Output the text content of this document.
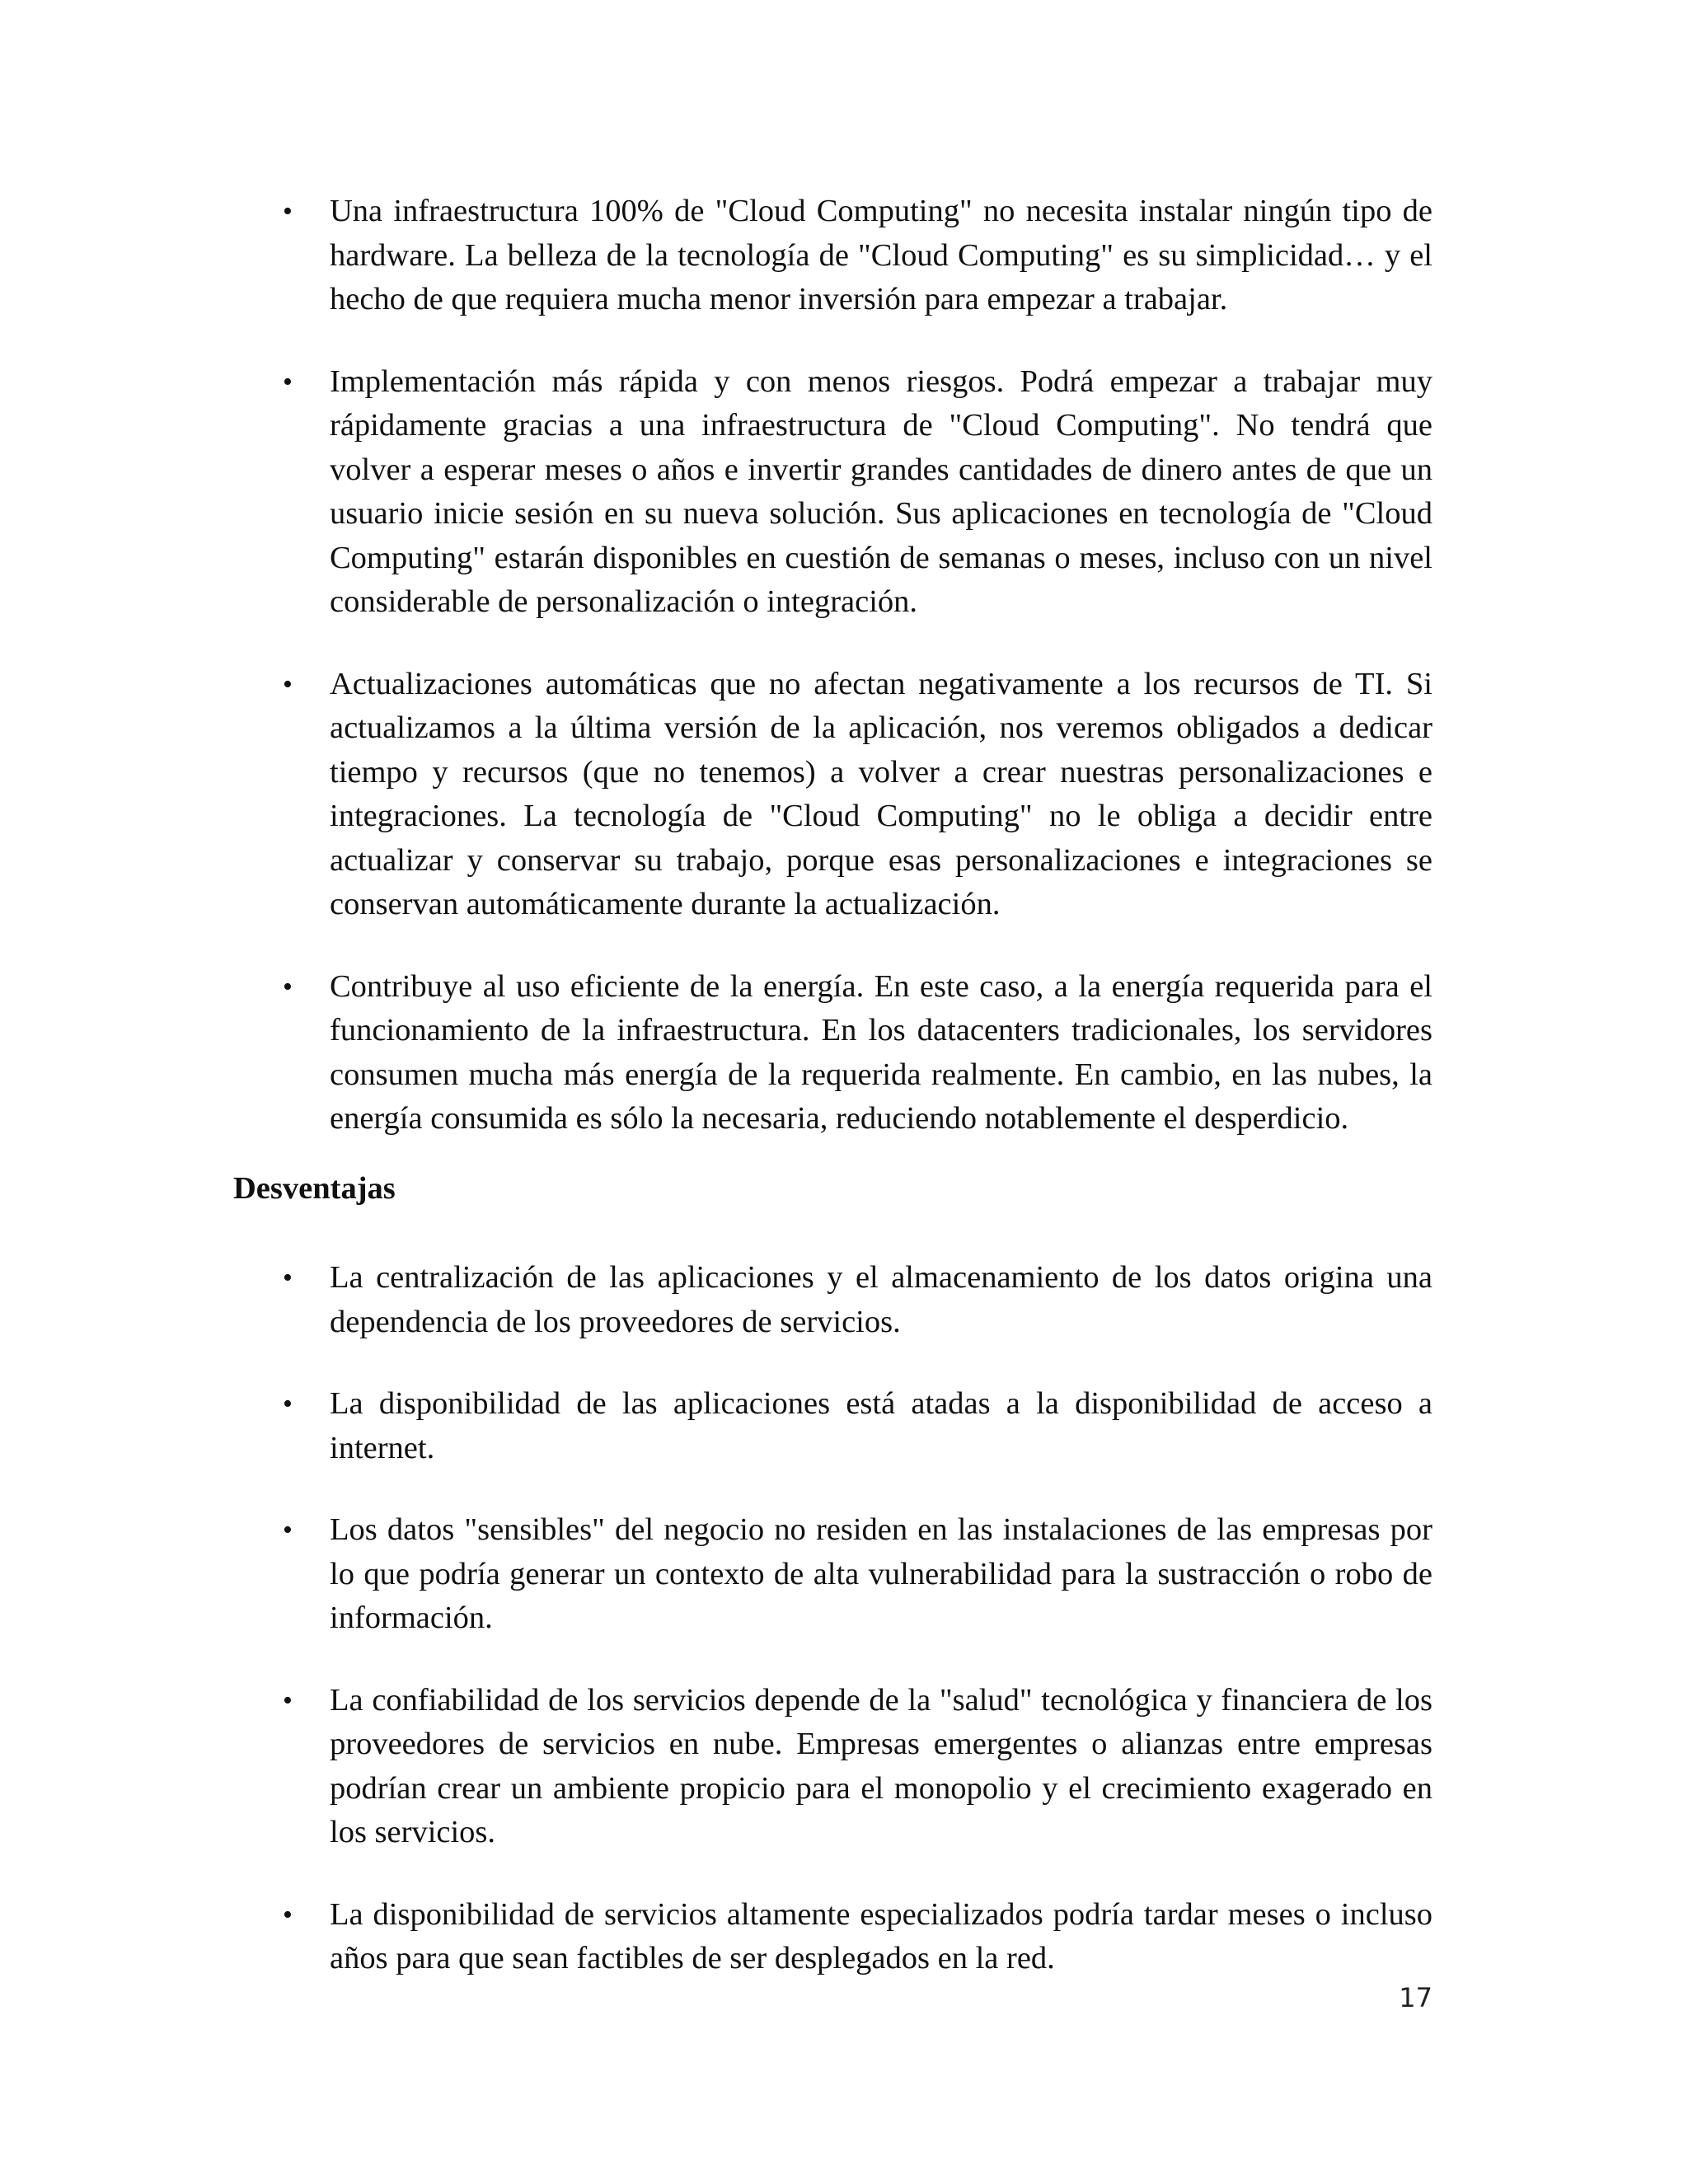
• Una infraestructura 100% de "Cloud Computing" no necesita instalar ningún tipo de hardware. La belleza de la tecnología de "Cloud Computing" es su simplicidad… y el hecho de que requiera mucha menor inversión para empezar a trabajar.
• Implementación más rápida y con menos riesgos. Podrá empezar a trabajar muy rápidamente gracias a una infraestructura de "Cloud Computing". No tendrá que volver a esperar meses o años e invertir grandes cantidades de dinero antes de que un usuario inicie sesión en su nueva solución. Sus aplicaciones en tecnología de "Cloud Computing" estarán disponibles en cuestión de semanas o meses, incluso con un nivel considerable de personalización o integración.
• Actualizaciones automáticas que no afectan negativamente a los recursos de TI. Si actualizamos a la última versión de la aplicación, nos veremos obligados a dedicar tiempo y recursos (que no tenemos) a volver a crear nuestras personalizaciones e integraciones. La tecnología de "Cloud Computing" no le obliga a decidir entre actualizar y conservar su trabajo, porque esas personalizaciones e integraciones se conservan automáticamente durante la actualización.
• Contribuye al uso eficiente de la energía. En este caso, a la energía requerida para el funcionamiento de la infraestructura. En los datacenters tradicionales, los servidores consumen mucha más energía de la requerida realmente. En cambio, en las nubes, la energía consumida es sólo la necesaria, reduciendo notablemente el desperdicio.
Desventajas
• La centralización de las aplicaciones y el almacenamiento de los datos origina una dependencia de los proveedores de servicios.
• La disponibilidad de las aplicaciones está atadas a la disponibilidad de acceso a internet.
• Los datos "sensibles" del negocio no residen en las instalaciones de las empresas por lo que podría generar un contexto de alta vulnerabilidad para la sustracción o robo de información.
• La confiabilidad de los servicios depende de la "salud" tecnológica y financiera de los proveedores de servicios en nube. Empresas emergentes o alianzas entre empresas podrían crear un ambiente propicio para el monopolio y el crecimiento exagerado en los servicios.
• La disponibilidad de servicios altamente especializados podría tardar meses o incluso años para que sean factibles de ser desplegados en la red.
17
